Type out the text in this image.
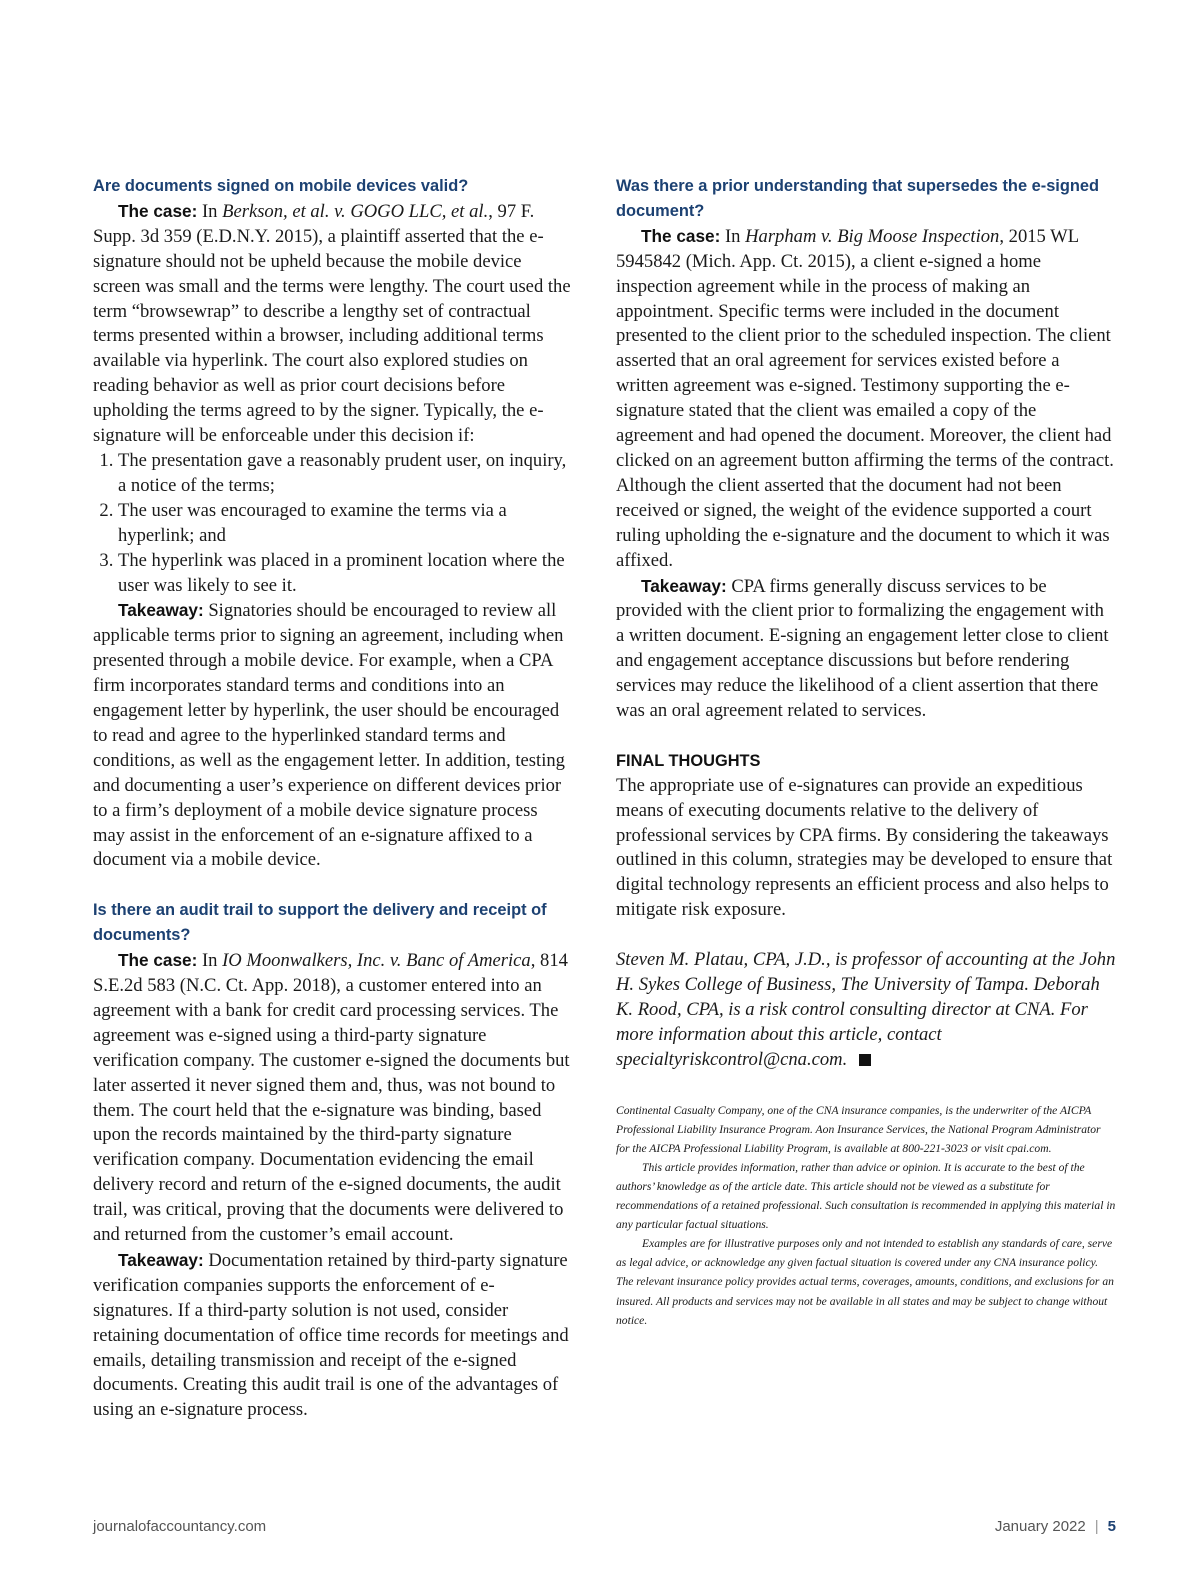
Are documents signed on mobile devices valid?

The case: In Berkson, et al. v. GOGO LLC, et al., 97 F. Supp. 3d 359 (E.D.N.Y. 2015), a plaintiff asserted that the e-signature should not be upheld because the mobile device screen was small and the terms were lengthy. The court used the term “browsewrap” to describe a lengthy set of contractual terms presented within a browser, including additional terms available via hyperlink. The court also explored studies on reading behavior as well as prior court decisions before upholding the terms agreed to by the signer. Typically, the e-signature will be enforceable under this decision if:

1. The presentation gave a reasonably prudent user, on inquiry, a notice of the terms;
2. The user was encouraged to examine the terms via a hyperlink; and
3. The hyperlink was placed in a prominent location where the user was likely to see it.

Takeaway: Signatories should be encouraged to review all applicable terms prior to signing an agreement, including when presented through a mobile device. For example, when a CPA firm incorporates standard terms and conditions into an engagement letter by hyperlink, the user should be encouraged to read and agree to the hyperlinked standard terms and conditions, as well as the engagement letter. In addition, testing and documenting a user’s experience on different devices prior to a firm’s deployment of a mobile device signature process may assist in the enforcement of an e-signature affixed to a document via a mobile device.

Is there an audit trail to support the delivery and receipt of documents?

The case: In IO Moonwalkers, Inc. v. Banc of America, 814 S.E.2d 583 (N.C. Ct. App. 2018), a customer entered into an agreement with a bank for credit card processing services. The agreement was e-signed using a third-party signature verification company. The customer e-signed the documents but later asserted it never signed them and, thus, was not bound to them. The court held that the e-signature was binding, based upon the records maintained by the third-party signature verification company. Documentation evidencing the email delivery record and return of the e-signed documents, the audit trail, was critical, proving that the documents were delivered to and returned from the customer’s email account.

Takeaway: Documentation retained by third-party signature verification companies supports the enforcement of e-signatures. If a third-party solution is not used, consider retaining documentation of office time records for meetings and emails, detailing transmission and receipt of the e-signed documents. Creating this audit trail is one of the advantages of using an e-signature process.

Was there a prior understanding that supersedes the e-signed document?

The case: In Harpham v. Big Moose Inspection, 2015 WL 5945842 (Mich. App. Ct. 2015), a client e-signed a home inspection agreement while in the process of making an appointment. Specific terms were included in the document presented to the client prior to the scheduled inspection. The client asserted that an oral agreement for services existed before a written agreement was e-signed. Testimony supporting the e-signature stated that the client was emailed a copy of the agreement and had opened the document. Moreover, the client had clicked on an agreement button affirming the terms of the contract. Although the client asserted that the document had not been received or signed, the weight of the evidence supported a court ruling upholding the e-signature and the document to which it was affixed.

Takeaway: CPA firms generally discuss services to be provided with the client prior to formalizing the engagement with a written document. E-signing an engagement letter close to client and engagement acceptance discussions but before rendering services may reduce the likelihood of a client assertion that there was an oral agreement related to services.

FINAL THOUGHTS

The appropriate use of e-signatures can provide an expeditious means of executing documents relative to the delivery of professional services by CPA firms. By considering the takeaways outlined in this column, strategies may be developed to ensure that digital technology represents an efficient process and also helps to mitigate risk exposure.

Steven M. Platau, CPA, J.D., is professor of accounting at the John H. Sykes College of Business, The University of Tampa. Deborah K. Rood, CPA, is a risk control consulting director at CNA. For more information about this article, contact specialtyriskcontrol@cna.com.

Continental Casualty Company, one of the CNA insurance companies, is the underwriter of the AICPA Professional Liability Insurance Program. Aon Insurance Services, the National Program Administrator for the AICPA Professional Liability Program, is available at 800-221-3023 or visit cpai.com.

This article provides information, rather than advice or opinion. It is accurate to the best of the authors’ knowledge as of the article date. This article should not be viewed as a substitute for recommendations of a retained professional. Such consultation is recommended in applying this material in any particular factual situations.

Examples are for illustrative purposes only and not intended to establish any standards of care, serve as legal advice, or acknowledge any given factual situation is covered under any CNA insurance policy. The relevant insurance policy provides actual terms, coverages, amounts, conditions, and exclusions for an insured. All products and services may not be available in all states and may be subject to change without notice.

journalofaccountancy.com	January 2022 | 5
